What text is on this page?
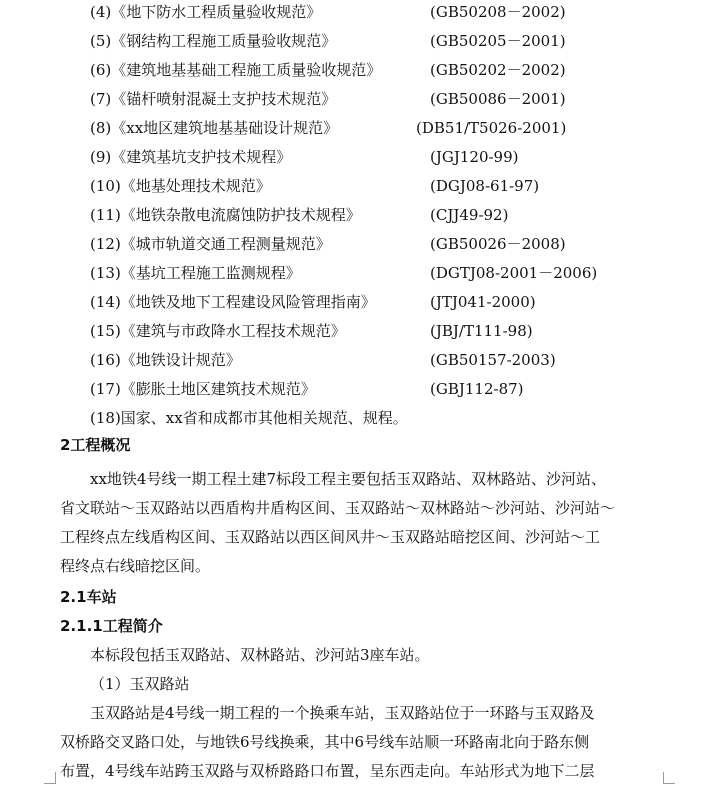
(4)《地下防水工程质量验收规范》	(GB50208－2002)
(5)《钢结构工程施工质量验收规范》	(GB50205－2001)
(6)《建筑地基基础工程施工质量验收规范》	(GB50202－2002)
(7)《锚杆喷射混凝土支护技术规范》	(GB50086－2001)
(8)《xx地区建筑地基基础设计规范》	(DB51/T5026-2001)
(9)《建筑基坑支护技术规程》	(JGJ120-99)
(10)《地基处理技术规范》	(DGJ08-61-97)
(11)《地铁杂散电流腐蚀防护技术规程》	(CJJ49-92)
(12)《城市轨道交通工程测量规范》	(GB50026－2008)
(13)《基坑工程施工监测规程》	(DGTJ08-2001－2006)
(14)《地铁及地下工程建设风险管理指南》	(JTJ041-2000)
(15)《建筑与市政降水工程技术规范》	(JBJ/T111-98)
(16)《地铁设计规范》	(GB50157-2003)
(17)《膨胀土地区建筑技术规范》	(GBJ112-87)
(18)国家、xx省和成都市其他相关规范、规程。
2工程概况
　　xx地铁4号线一期工程土建7标段工程主要包括玉双路站、双林路站、沙河站、
省文联站～玉双路站以西盾构井盾构区间、玉双路站～双林路站～沙河站、沙河站～
工程终点左线盾构区间、玉双路站以西区间风井～玉双路站暗挖区间、沙河站～工
程终点右线暗挖区间。
2.1车站
2.1.1工程简介
本标段包括玉双路站、双林路站、沙河站3座车站。
（1）玉双路站
　　玉双路站是4号线一期工程的一个换乘车站，玉双路站位于一环路与玉双路及
双桥路交叉路口处，与地铁6号线换乘，其中6号线车站顺一环路南北向于路东侧
布置，4号线车站跨玉双路与双桥路路口布置，呈东西走向。车站形式为地下二层
